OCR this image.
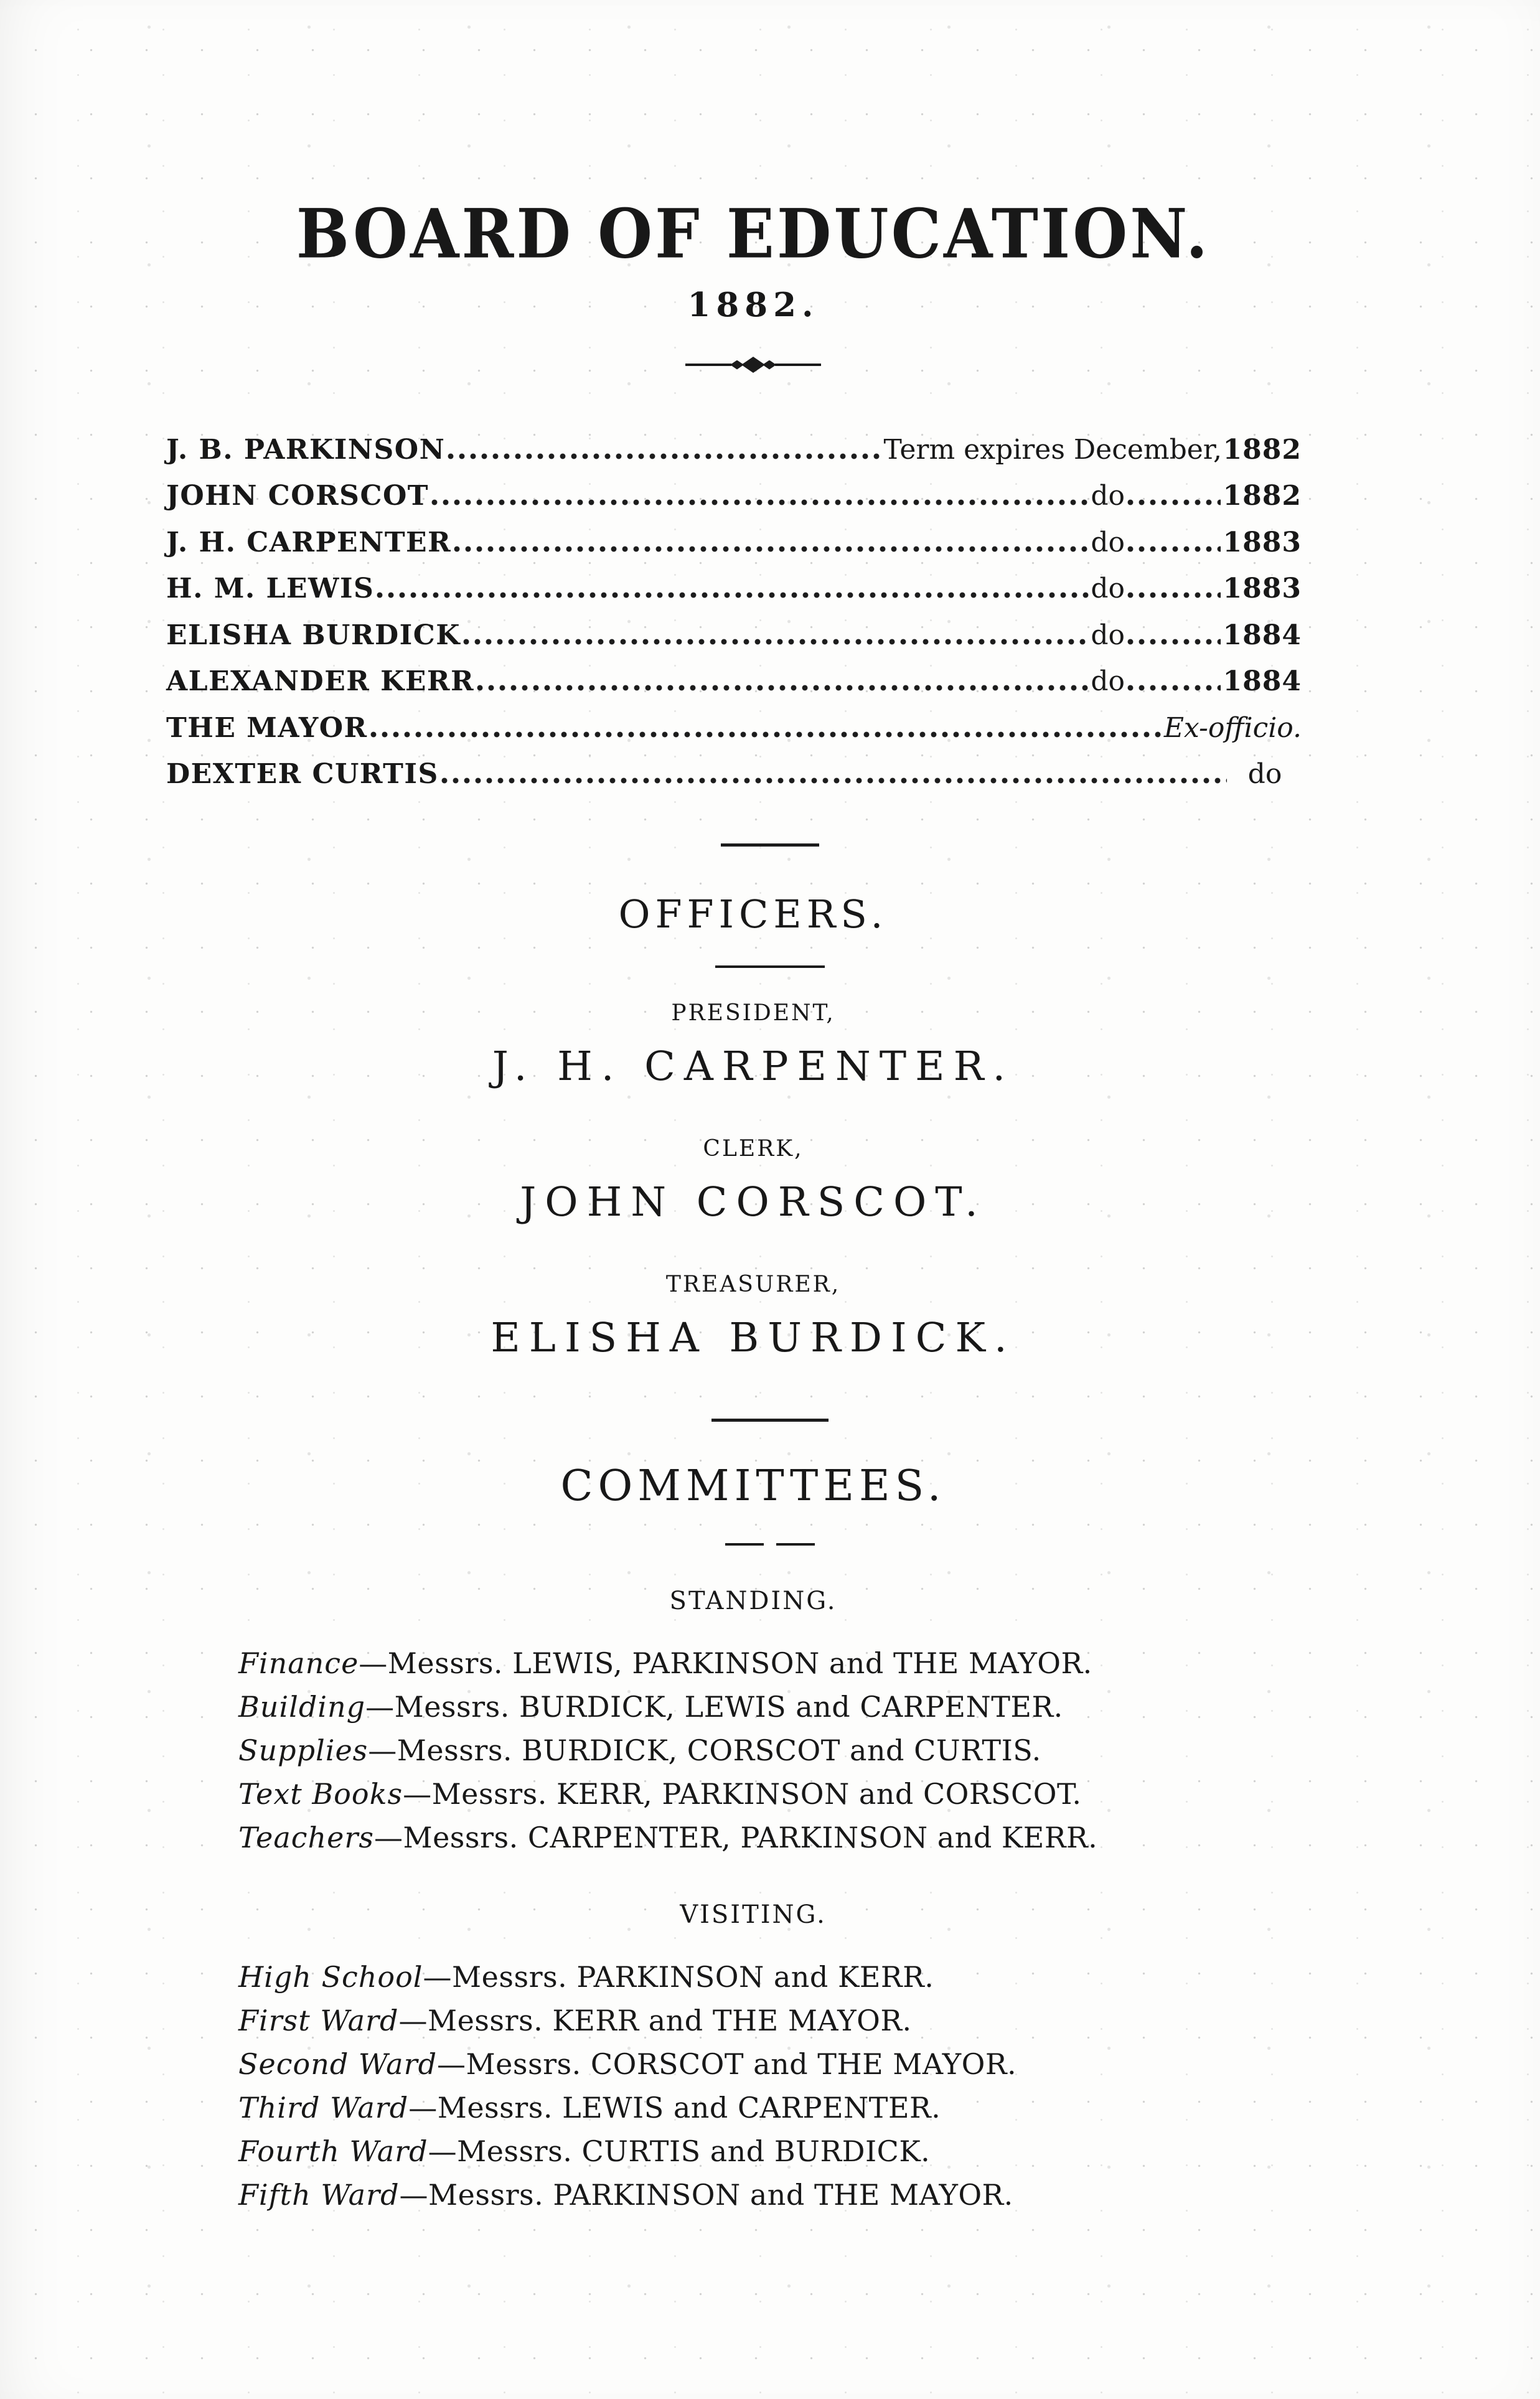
BOARD OF EDUCATION.
1882.
J. B. PARKINSON	Term expires December, 1882
JOHN CORSCOT	do	1882
J. H. CARPENTER	do	1883
H. M. LEWIS	do	1883
ELISHA BURDICK	do	1884
ALEXANDER KERR	do	1884
THE MAYOR	Ex-officio.
DEXTER CURTIS	do
OFFICERS.
PRESIDENT,
J. H. CARPENTER.
CLERK,
JOHN CORSCOT.
TREASURER,
ELISHA BURDICK.
COMMITTEES.
STANDING.
Finance—Messrs. LEWIS, PARKINSON and THE MAYOR.
Building—Messrs. BURDICK, LEWIS and CARPENTER.
Supplies—Messrs. BURDICK, CORSCOT and CURTIS.
Text Books—Messrs. KERR, PARKINSON and CORSCOT.
Teachers—Messrs. CARPENTER, PARKINSON and KERR.
VISITING.
High School—Messrs. PARKINSON and KERR.
First Ward—Messrs. KERR and THE MAYOR.
Second Ward—Messrs. CORSCOT and THE MAYOR.
Third Ward—Messrs. LEWIS and CARPENTER.
Fourth Ward—Messrs. CURTIS and BURDICK.
Fifth Ward—Messrs. PARKINSON and THE MAYOR.
